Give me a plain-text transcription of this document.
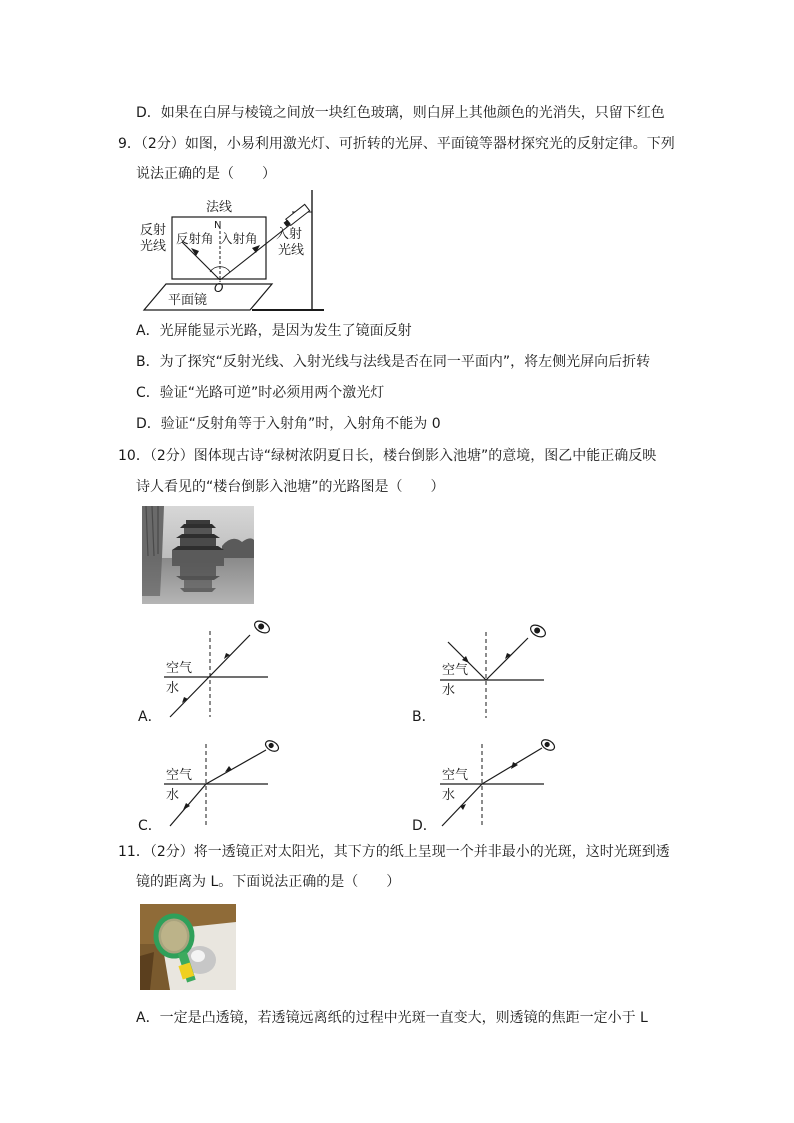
D．如果在白屏与棱镜之间放一块红色玻璃，则白屏上其他颜色的光消失，只留下红色
9．（2分）如图，小易利用激光灯、可折转的光屏、平面镜等器材探究光的反射定律。下列
说法正确的是（　　）
法线
N
反射
光线
反射角 入射角 入射
光线
O
平面镜
A．光屏能显示光路，是因为发生了镜面反射
B．为了探究“反射光线、入射光线与法线是否在同一平面内”，将左侧光屏向后折转
C．验证“光路可逆”时必须用两个激光灯
D．验证“反射角等于入射角”时，入射角不能为 0
10．（2分）图体现古诗“绿树浓阴夏日长，楼台倒影入池塘”的意境，图乙中能正确反映
诗人看见的“楼台倒影入池塘”的光路图是（　　）
空气
水
A．
空气
水
B．
空气
水
C．
空气
水
D．
11．（2分）将一透镜正对太阳光，其下方的纸上呈现一个并非最小的光斑，这时光斑到透
镜的距离为 L。下面说法正确的是（　　）
A．一定是凸透镜，若透镜远离纸的过程中光斑一直变大，则透镜的焦距一定小于 L
